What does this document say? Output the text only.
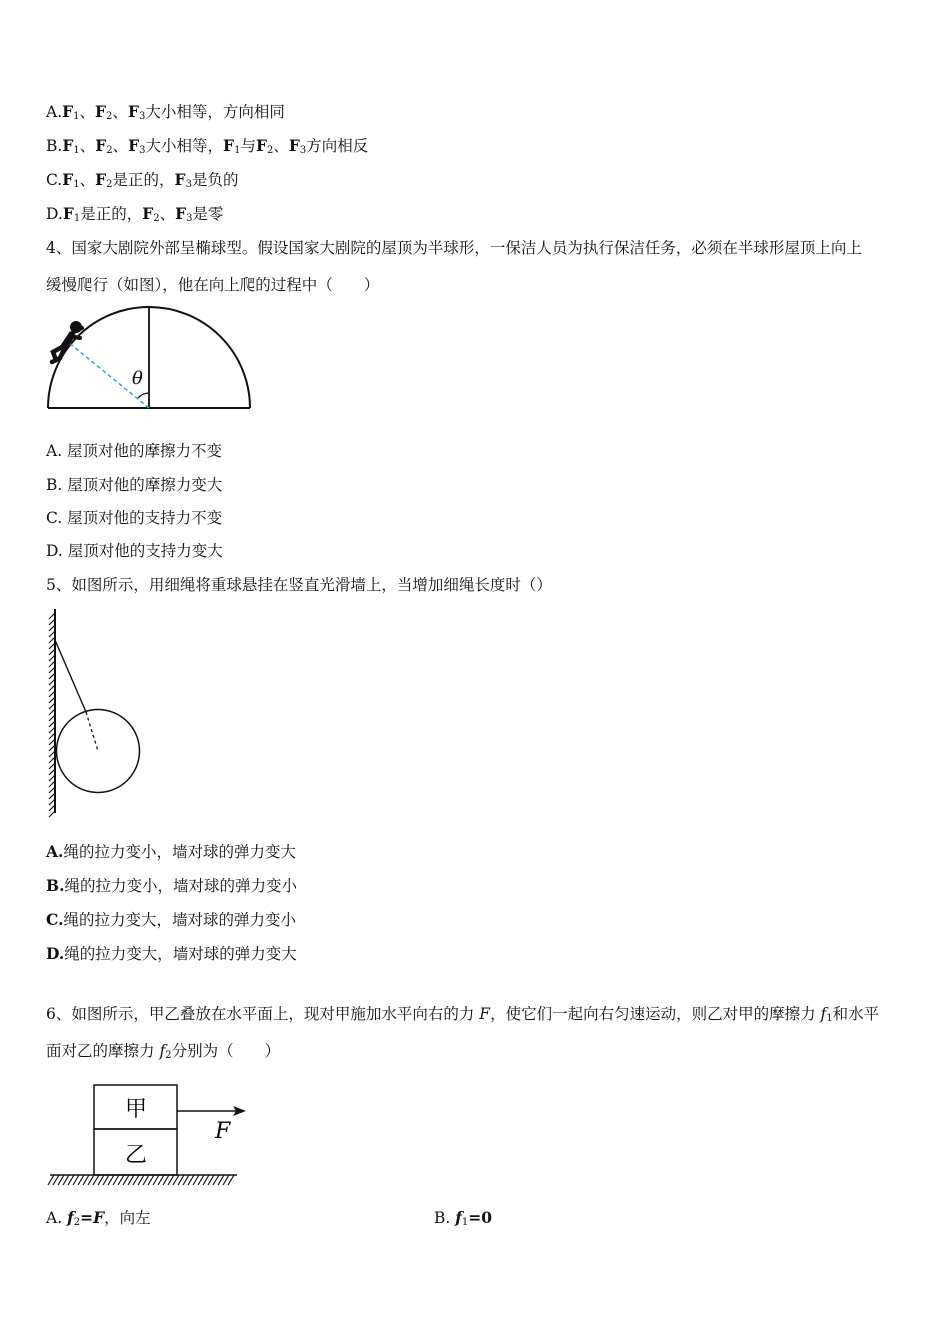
$A.F_1$、$F_2$、$F_3$大小相等，方向相同
$B.F_1$、$F_2$、$F_3$大小相等，$F_1$与$F_2$、$F_3$方向相反
$C.F_1$、$F_2$是正的，$F_3$是负的
$D.F_1$是正的，$F_2$、$F_3$是零
4、国家大剧院外部呈椭球型。假设国家大剧院的屋顶为半球形，一保洁人员为执行保洁任务，必须在半球形屋顶上向上
缓慢爬行（如图），他在向上爬的过程中（　　）
θ
A. 屋顶对他的摩擦力不变
B. 屋顶对他的摩擦力变大
C. 屋顶对他的支持力不变
D. 屋顶对他的支持力变大
5、如图所示，用细绳将重球悬挂在竖直光滑墙上，当增加细绳长度时（）
A.绳的拉力变小，墙对球的弹力变大
B.绳的拉力变小，墙对球的弹力变小
C.绳的拉力变大，墙对球的弹力变小
D.绳的拉力变大，墙对球的弹力变大
6、如图所示，甲乙叠放在水平面上，现对甲施加水平向右的力 F，使它们一起向右匀速运动，则乙对甲的摩擦力 $f_1$和水平
面对乙的摩擦力 $f_2$分别为（　　）
甲
乙
F
A. $f_2=F$，向左	B. $f_1=0$
